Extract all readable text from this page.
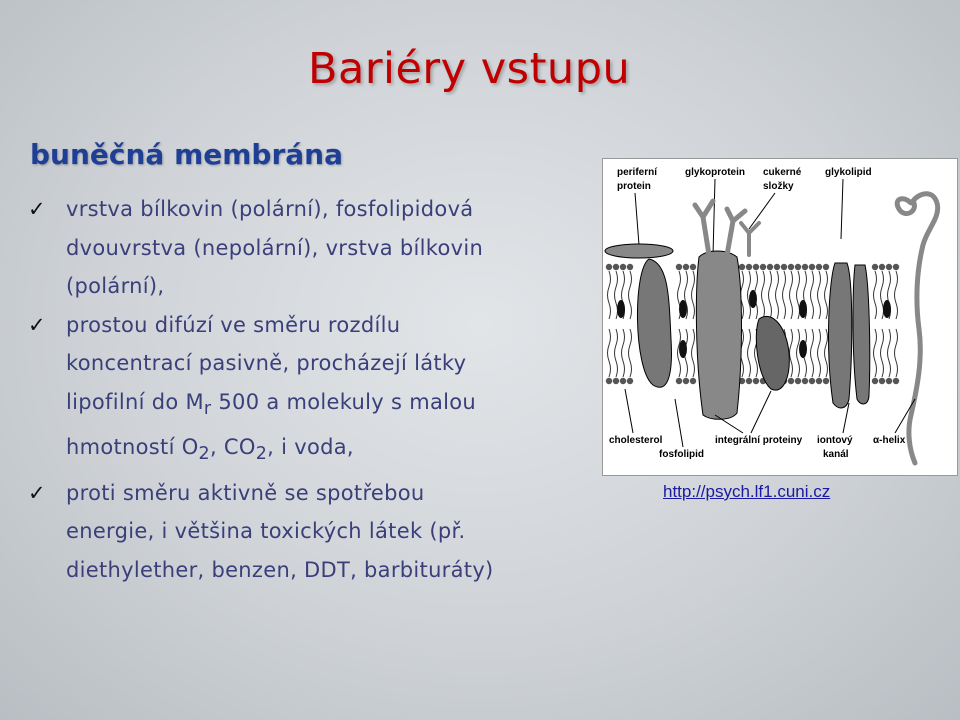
Bariéry vstupu
buněčná membrána
✓ vrstva bílkovin (polární), fosfolipidová
dvouvrstva (nepolární), vrstva bílkovin
(polární),
✓ prostou difúzí ve směru rozdílu
koncentrací pasivně, procházejí látky
lipofilní do $M_r$ 500 a molekuly s malou
hmotností $O_2$, $CO_2$, i voda,
✓ proti směru aktivně se spotřebou
energie, i většina toxických látek (př.
diethylether, benzen, DDT, barbituráty)
periferní
protein
glykoprotein cukerné
složky
glykolipid
cholesterol
fosfolipid
integrální proteiny iontový
kanál
α-helix
http://psych.lf1.cuni.cz
